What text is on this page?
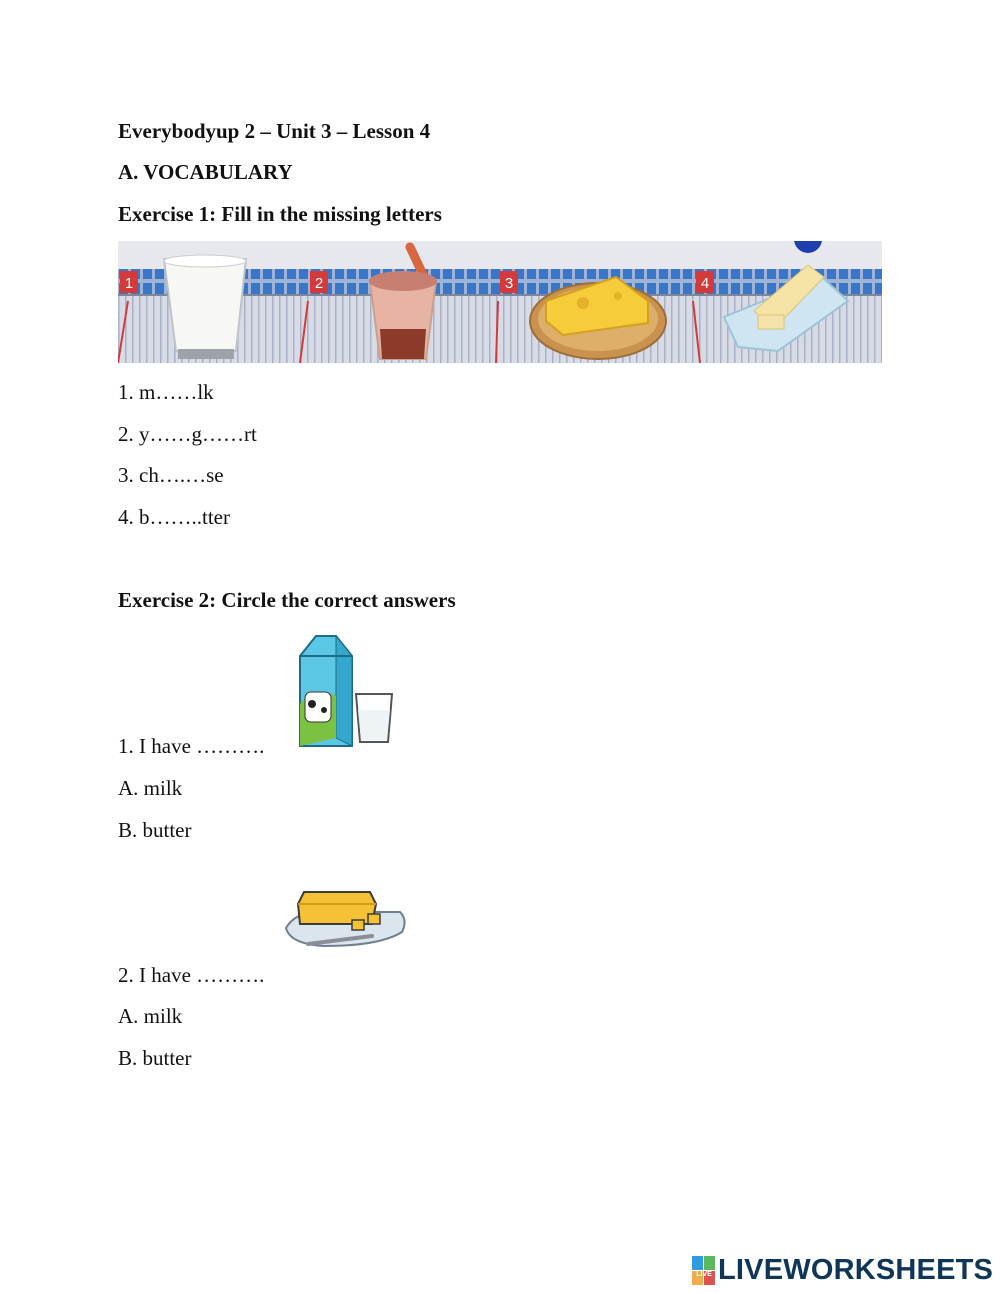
Everybodyup 2 – Unit 3 – Lesson 4
A. VOCABULARY
Exercise 1: Fill in the missing letters
1	2	3	4
1. m……lk
2. y……g……rt
3. ch….…se
4. b……..tter
Exercise 2: Circle the correct answers
1. I have ……….
A. milk
B. butter
2. I have ……….
A. milk
B. butter
LIVE LIVEWORKSHEETS
